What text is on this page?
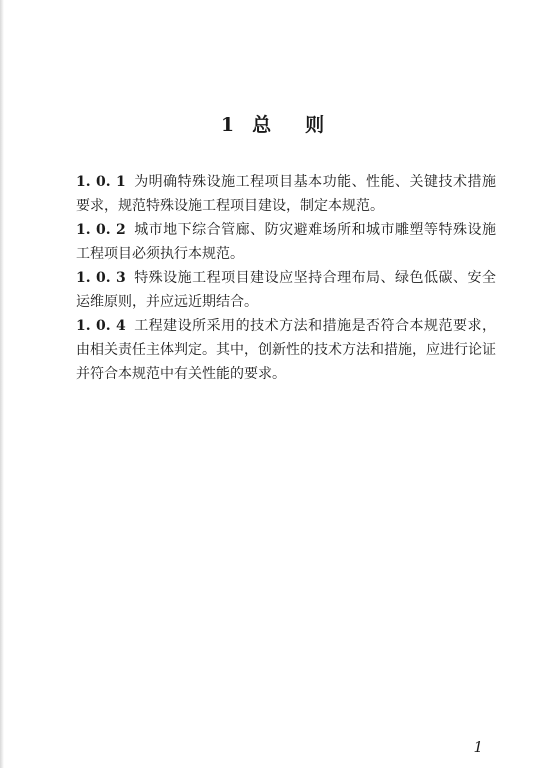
1 总 则
1. 0. 1 为明确特殊设施工程项目基本功能、性能、关键技术措施要求，规范特殊设施工程项目建设，制定本规范。
1. 0. 2 城市地下综合管廊、防灾避难场所和城市雕塑等特殊设施工程项目必须执行本规范。
1. 0. 3 特殊设施工程项目建设应坚持合理布局、绿色低碳、安全运维原则，并应远近期结合。
1. 0. 4 工程建设所采用的技术方法和措施是否符合本规范要求，由相关责任主体判定。其中，创新性的技术方法和措施，应进行论证并符合本规范中有关性能的要求。
1
